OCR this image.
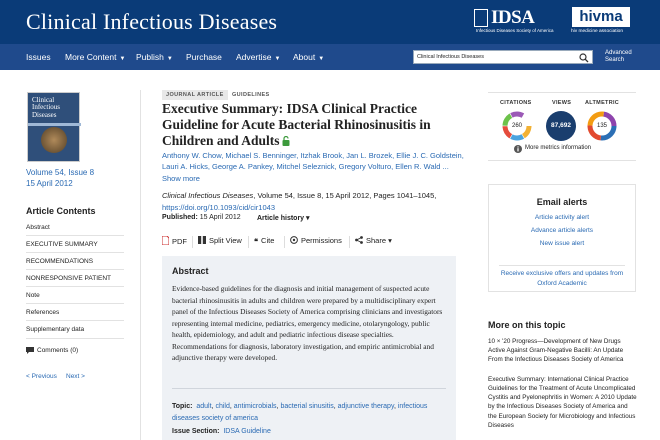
Clinical Infectious Diseases	IDSA
Infectious Diseases Society of America
hivma
hiv medicine association
Issues More Content ▼ Publish ▼ Purchase Advertise ▼ About ▼	Clinical Infectious Diseases
Advanced Search
Clinical Infectious Diseases
Volume 54, Issue 8
15 April 2012
Article Contents
Abstract
EXECUTIVE SUMMARY
RECOMMENDATIONS
NONRESPONSIVE PATIENT
Note
References
Supplementary data
Comments (0)
< Previous Next >
JOURNAL ARTICLE	GUIDELINES
Executive Summary: IDSA Clinical Practice Guideline for Acute Bacterial Rhinosinusitis in Children and Adults
Anthony W. Chow, Michael S. Benninger, Itzhak Brook, Jan L. Brozek, Ellie J. C. Goldstein, Lauri A. Hicks, George A. Pankey, Mitchel Seleznick, Gregory Volturo, Ellen R. Wald ...
Show more
Clinical Infectious Diseases, Volume 54, Issue 8, 15 April 2012, Pages 1041–1045,
https://doi.org/10.1093/cid/cir1043
Published: 15 April 2012 Article history ▾
PDF	Split View ❝ Cite	Permissions	Share ▾
Abstract
Evidence-based guidelines for the diagnosis and initial management of suspected acute bacterial rhinosinusitis in adults and children were prepared by a multidisciplinary expert panel of the Infectious Diseases Society of America comprising clinicians and investigators representing internal medicine, pediatrics, emergency medicine, otolaryngology, public health, epidemiology, and adult and pediatric infectious disease specialties. Recommendations for diagnosis, laboratory investigation, and empiric antimicrobial and adjunctive therapy were developed.
Topic: adult, child, antimicrobials, bacterial sinusitis, adjunctive therapy, infectious diseases society of america
Issue Section: IDSA Guideline
CITATIONS
260
VIEWS
87,692
ALTMETRIC
135
More metrics information
Email alerts
Article activity alert
Advance article alerts
New issue alert
Receive exclusive offers and updates from Oxford Academic
More on this topic
10 × '20 Progress—Development of New Drugs Active Against Gram-Negative Bacilli: An Update From the Infectious Diseases Society of America
Executive Summary: International Clinical Practice Guidelines for the Treatment of Acute Uncomplicated Cystitis and Pyelonephritis in Women: A 2010 Update by the Infectious Diseases Society of America and the European Society for Microbiology and Infectious Diseases
